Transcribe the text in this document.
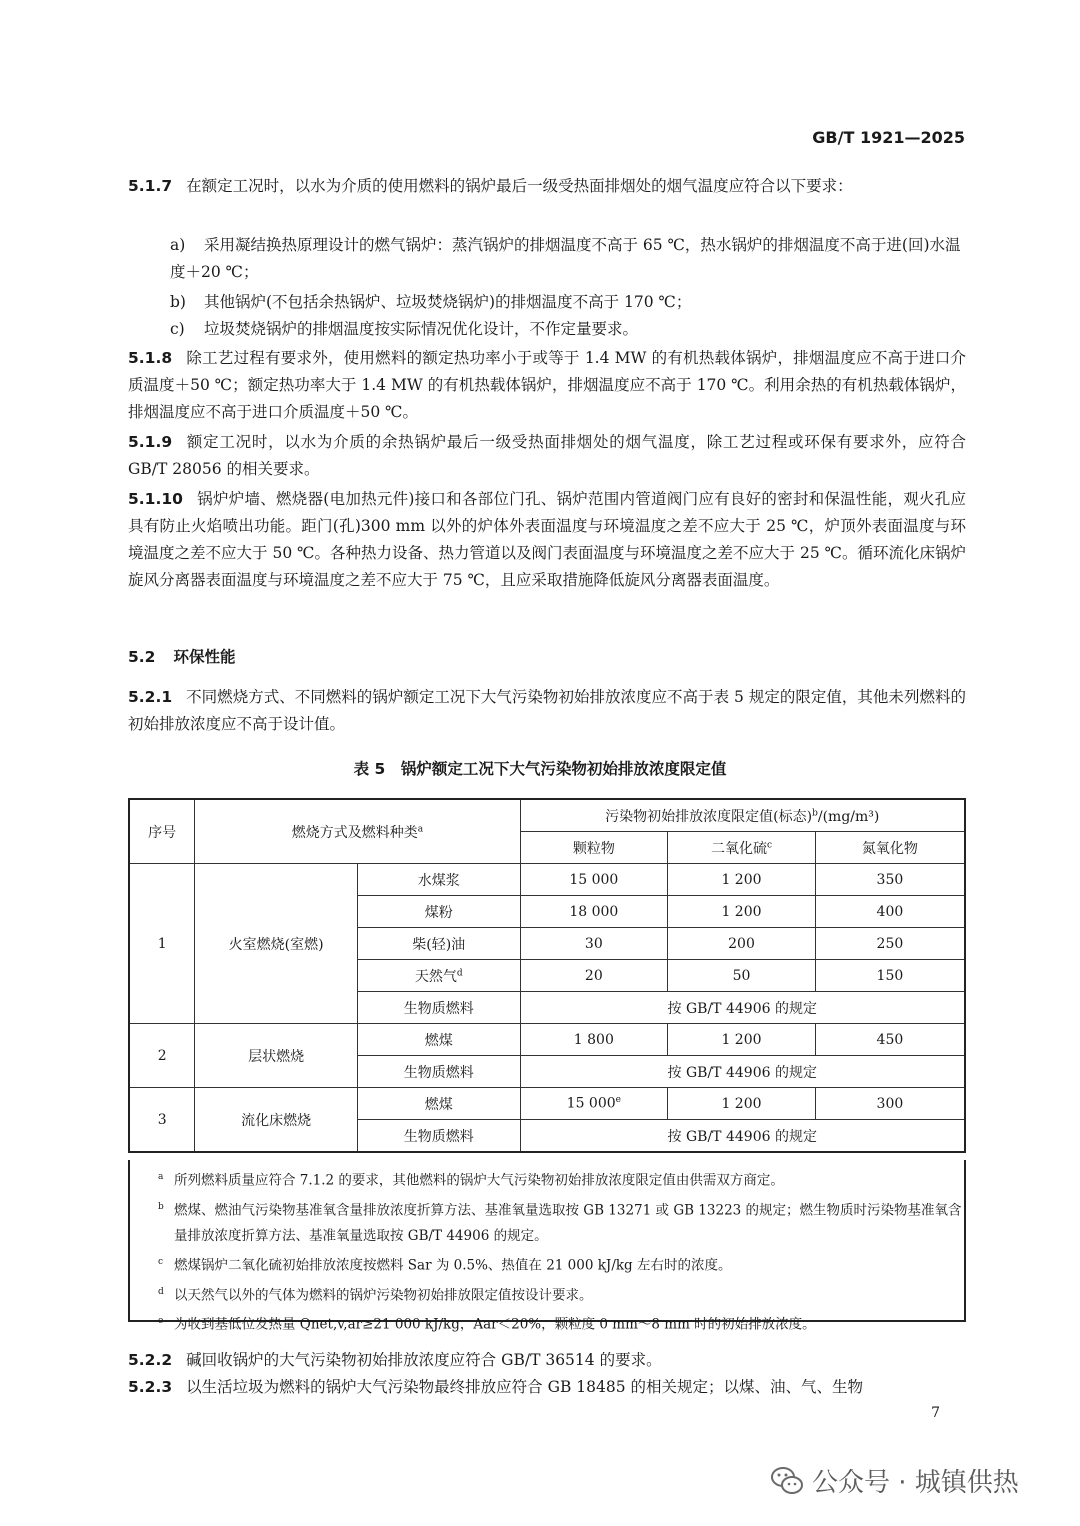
GB/T 1921—2025

5.1.7 在额定工况时，以水为介质的使用燃料的锅炉最后一级受热面排烟处的烟气温度应符合以下要求：

a) 采用凝结换热原理设计的燃气锅炉：蒸汽锅炉的排烟温度不高于 65 ℃，热水锅炉的排烟温度不高于进(回)水温度＋20 ℃；

b) 其他锅炉(不包括余热锅炉、垃圾焚烧锅炉)的排烟温度不高于 170 ℃；

c) 垃圾焚烧锅炉的排烟温度按实际情况优化设计，不作定量要求。

5.1.8 除工艺过程有要求外，使用燃料的额定热功率小于或等于 1.4 MW 的有机热载体锅炉，排烟温度应不高于进口介质温度＋50 ℃；额定热功率大于 1.4 MW 的有机热载体锅炉，排烟温度应不高于 170 ℃。利用余热的有机热载体锅炉，排烟温度应不高于进口介质温度＋50 ℃。

5.1.9 额定工况时，以水为介质的余热锅炉最后一级受热面排烟处的烟气温度，除工艺过程或环保有要求外，应符合 GB/T 28056 的相关要求。

5.1.10 锅炉炉墙、燃烧器(电加热元件)接口和各部位门孔、锅炉范围内管道阀门应有良好的密封和保温性能，观火孔应具有防止火焰喷出功能。距门(孔)300 mm 以外的炉体外表面温度与环境温度之差不应大于 25 ℃，炉顶外表面温度与环境温度之差不应大于 50 ℃。各种热力设备、热力管道以及阀门表面温度与环境温度之差不应大于 25 ℃。循环流化床锅炉旋风分离器表面温度与环境温度之差不应大于 75 ℃，且应采取措施降低旋风分离器表面温度。

5.2 环保性能

5.2.1 不同燃烧方式、不同燃料的锅炉额定工况下大气污染物初始排放浓度应不高于表 5 规定的限定值，其他未列燃料的初始排放浓度应不高于设计值。

表 5　锅炉额定工况下大气污染物初始排放浓度限定值
序号	燃烧方式及燃料种类$^a$		污染物初始排放浓度限定值(标态)$^b$/(mg/m³)		
			颗粒物	二氧化硫$^c$	氮氧化物
1	火室燃烧(室燃)	水煤浆	15 000	1 200	350
		煤粉	18 000	1 200	400
		柴(轻)油	30	200	250
		天然气$^d$	20	50	150
		生物质燃料	按 GB/T 44906 的规定		
2	层状燃烧	燃煤	1 800	1 200	450
		生物质燃料	按 GB/T 44906 的规定		
3	流化床燃烧	燃煤	15 000e	1 200	300
		生物质燃料	按 GB/T 44906 的规定		

$^a$ 所列燃料质量应符合 7.1.2 的要求，其他燃料的锅炉大气污染物初始排放浓度限定值由供需双方商定。

$^b$ 燃煤、燃油气污染物基准氧含量排放浓度折算方法、基准氧量选取按 GB 13271 或 GB 13223 的规定；燃生物质时污染物基准氧含量排放浓度折算方法、基准氧量选取按 GB/T 44906 的规定。

$^c$ 燃煤锅炉二氧化硫初始排放浓度按燃料 Sar 为 0.5%、热值在 21 000 kJ/kg 左右时的浓度。

$^d$ 以天然气以外的气体为燃料的锅炉污染物初始排放限定值按设计要求。

$^e$ 为收到基低位发热量 Qnet,v,ar≥21 000 kJ/kg，Aar＜20%，颗粒度 0 mm～8 mm 时的初始排放浓度。

5.2.2 碱回收锅炉的大气污染物初始排放浓度应符合 GB/T 36514 的要求。

5.2.3 以生活垃圾为燃料的锅炉大气污染物最终排放应符合 GB 18485 的相关规定；以煤、油、气、生物

7
公众号 · 城镇供热
